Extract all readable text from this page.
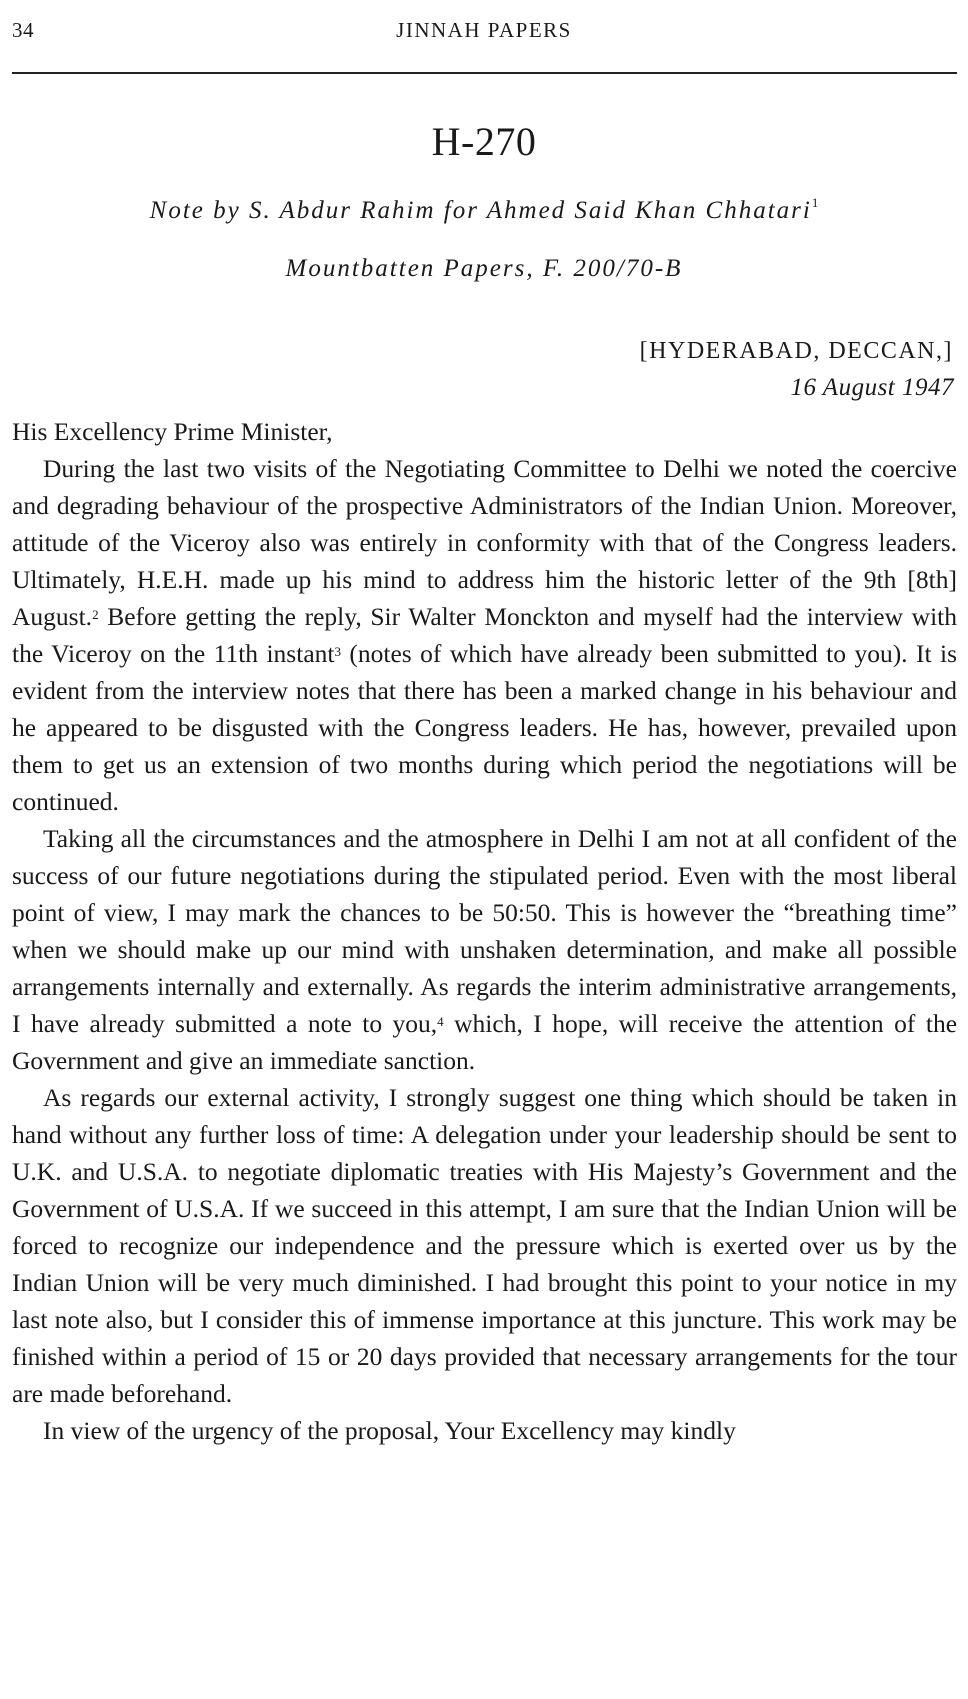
34	JINNAH PAPERS
H-270
Note by S. Abdur Rahim for Ahmed Said Khan Chhatari$^1$
Mountbatten Papers, F. 200/70-B
[HYDERABAD, DECCAN,]
16 August 1947

His Excellency Prime Minister,

During the last two visits of the Negotiating Committee to Delhi we noted the coercive and degrading behaviour of the prospective Administrators of the Indian Union. Moreover, attitude of the Viceroy also was entirely in conformity with that of the Congress leaders. Ultimately, H.E.H. made up his mind to address him the historic letter of the 9th [8th] August.$^2$ Before getting the reply, Sir Walter Monckton and myself had the interview with the Viceroy on the 11th instant$^3$ (notes of which have already been submitted to you). It is evident from the interview notes that there has been a marked change in his behaviour and he appeared to be disgusted with the Congress leaders. He has, however, prevailed upon them to get us an extension of two months during which period the negotiations will be continued.

Taking all the circumstances and the atmosphere in Delhi I am not at all confident of the success of our future negotiations during the stipulated period. Even with the most liberal point of view, I may mark the chances to be 50:50. This is however the “breathing time” when we should make up our mind with unshaken determination, and make all possible arrangements internally and externally. As regards the interim administrative arrangements, I have already submitted a note to you,$^4$ which, I hope, will receive the attention of the Government and give an immediate sanction.

As regards our external activity, I strongly suggest one thing which should be taken in hand without any further loss of time: A delegation under your leadership should be sent to U.K. and U.S.A. to negotiate diplomatic treaties with His Majesty’s Government and the Government of U.S.A. If we succeed in this attempt, I am sure that the Indian Union will be forced to recognize our independence and the pressure which is exerted over us by the Indian Union will be very much diminished. I had brought this point to your notice in my last note also, but I consider this of immense importance at this juncture. This work may be finished within a period of 15 or 20 days provided that necessary arrangements for the tour are made beforehand.

In view of the urgency of the proposal, Your Excellency may kindly
